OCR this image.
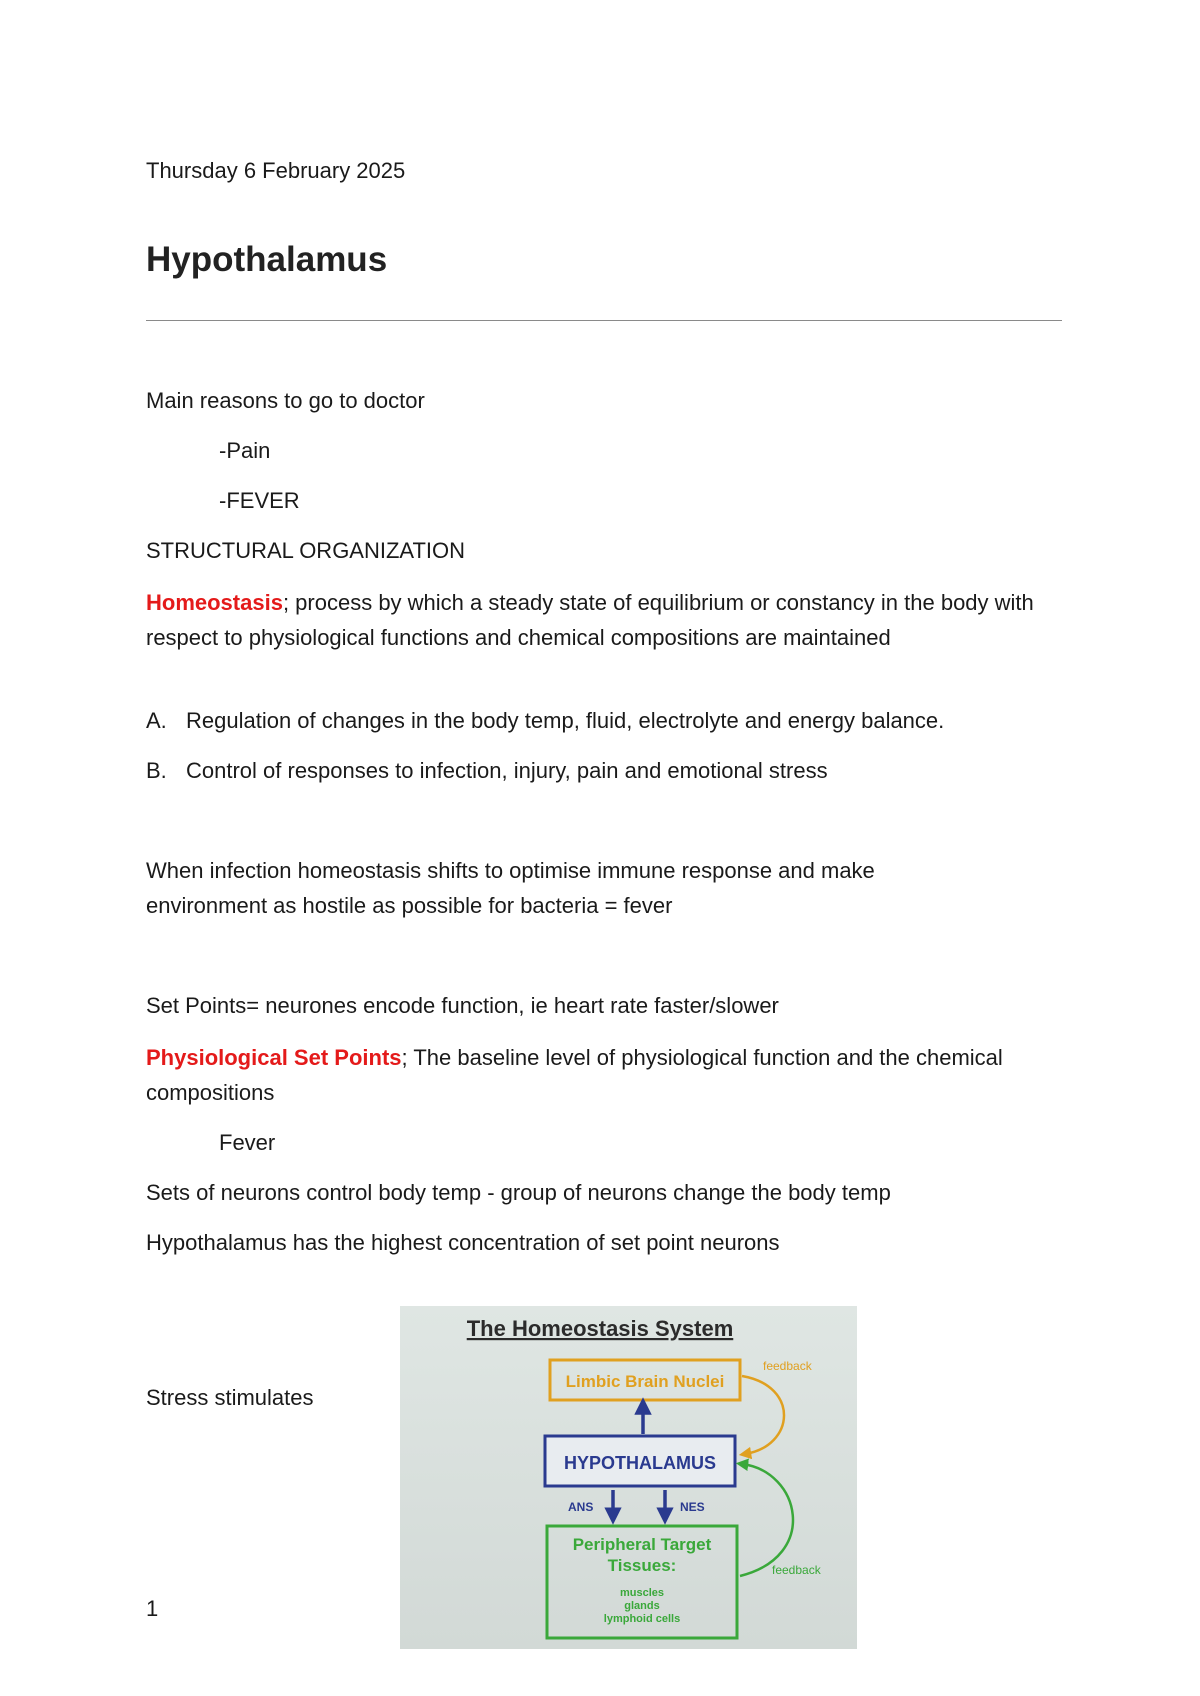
Thursday 6 February 2025
Hypothalamus
Main reasons to go to doctor
-Pain
-FEVER
STRUCTURAL ORGANIZATION
Homeostasis; process by which a steady state of equilibrium or constancy in the body with respect to physiological functions and chemical compositions are maintained
A. Regulation of changes in the body temp, fluid, electrolyte and energy balance.
B. Control of responses to infection, injury, pain and emotional stress
When infection homeostasis shifts to optimise immune response and make environment as hostile as possible for bacteria = fever
Set Points= neurones encode function, ie heart rate faster/slower
Physiological Set Points; The baseline level of physiological function and the chemical compositions
Fever
Sets of neurons control body temp - group of neurons change the body temp
Hypothalamus has the highest concentration of set point neurons
Stress stimulates
The Homeostasis System
Limbic Brain Nuclei
feedback
HYPOTHALAMUS
ANS	NES
Peripheral Target
Tissues:
muscles
glands
lymphoid cells
feedback
1
